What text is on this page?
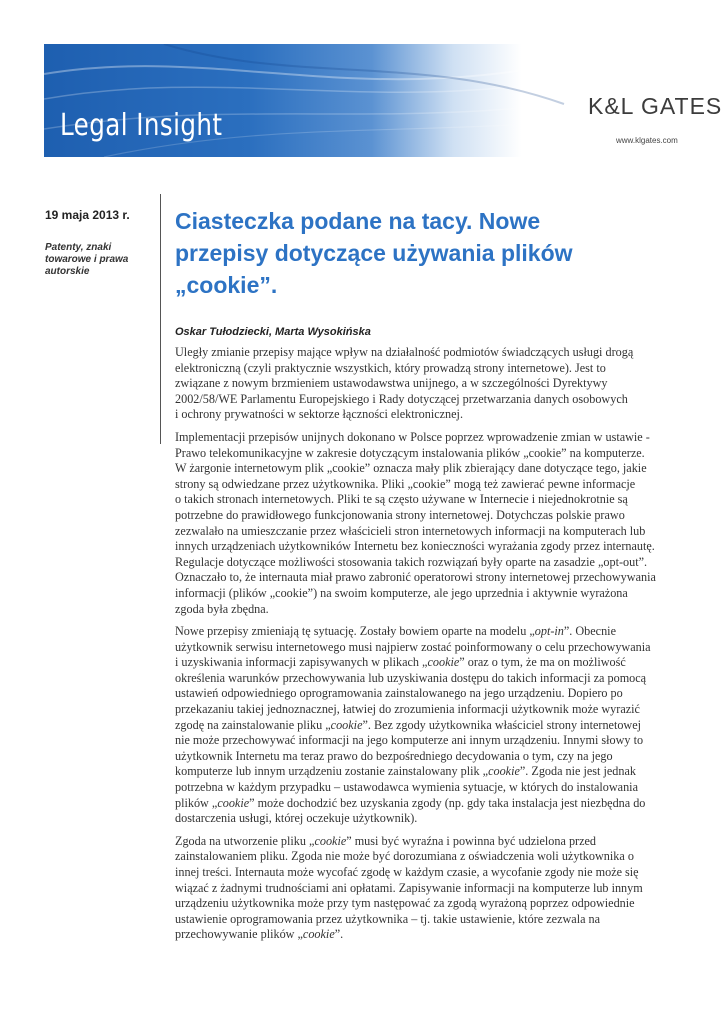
Legal Insight
K&L GATES
www.klgates.com
19 maja 2013 r.
Patenty, znaki
towarowe i prawa
autorskie
Ciasteczka podane na tacy. Nowe
przepisy dotyczące używania plików
„cookie”.
Oskar Tułodziecki, Marta Wysokińska

Uległy zmianie przepisy mające wpływ na działalność podmiotów świadczących usługi drogą
elektroniczną (czyli praktycznie wszystkich, który prowadzą strony internetowe). Jest to
związane z nowym brzmieniem ustawodawstwa unijnego, a w szczególności Dyrektywy
2002/58/WE Parlamentu Europejskiego i Rady dotyczącej przetwarzania danych osobowych
i ochrony prywatności w sektorze łączności elektronicznej.

Implementacji przepisów unijnych dokonano w Polsce poprzez wprowadzenie zmian w ustawie -
Prawo telekomunikacyjne w zakresie dotyczącym instalowania plików „cookie” na komputerze.
W żargonie internetowym plik „cookie” oznacza mały plik zbierający dane dotyczące tego, jakie
strony są odwiedzane przez użytkownika. Pliki „cookie” mogą też zawierać pewne informacje
o takich stronach internetowych. Pliki te są często używane w Internecie i niejednokrotnie są
potrzebne do prawidłowego funkcjonowania strony internetowej. Dotychczas polskie prawo
zezwalało na umieszczanie przez właścicieli stron internetowych informacji na komputerach lub
innych urządzeniach użytkowników Internetu bez konieczności wyrażania zgody przez internautę.
Regulacje dotyczące możliwości stosowania takich rozwiązań były oparte na zasadzie „opt-out”.
Oznaczało to, że internauta miał prawo zabronić operatorowi strony internetowej przechowywania
informacji (plików „cookie”) na swoim komputerze, ale jego uprzednia i aktywnie wyrażona
zgoda była zbędna.

Nowe przepisy zmieniają tę sytuację. Zostały bowiem oparte na modelu „opt-in”. Obecnie
użytkownik serwisu internetowego musi najpierw zostać poinformowany o celu przechowywania
i uzyskiwania informacji zapisywanych w plikach „cookie” oraz o tym, że ma on możliwość
określenia warunków przechowywania lub uzyskiwania dostępu do takich informacji za pomocą
ustawień odpowiedniego oprogramowania zainstalowanego na jego urządzeniu. Dopiero po
przekazaniu takiej jednoznacznej, łatwiej do zrozumienia informacji użytkownik może wyrazić
zgodę na zainstalowanie pliku „cookie”. Bez zgody użytkownika właściciel strony internetowej
nie może przechowywać informacji na jego komputerze ani innym urządzeniu. Innymi słowy to
użytkownik Internetu ma teraz prawo do bezpośredniego decydowania o tym, czy na jego
komputerze lub innym urządzeniu zostanie zainstalowany plik „cookie”. Zgoda nie jest jednak
potrzebna w każdym przypadku – ustawodawca wymienia sytuacje, w których do instalowania
plików „cookie” może dochodzić bez uzyskania zgody (np. gdy taka instalacja jest niezbędna do
dostarczenia usługi, której oczekuje użytkownik).

Zgoda na utworzenie pliku „cookie” musi być wyraźna i powinna być udzielona przed
zainstalowaniem pliku. Zgoda nie może być dorozumiana z oświadczenia woli użytkownika o
innej treści. Internauta może wycofać zgodę w każdym czasie, a wycofanie zgody nie może się
wiązać z żadnymi trudnościami ani opłatami. Zapisywanie informacji na komputerze lub innym
urządzeniu użytkownika może przy tym następować za zgodą wyrażoną poprzez odpowiednie
ustawienie oprogramowania przez użytkownika – tj. takie ustawienie, które zezwala na
przechowywanie plików „cookie”.
